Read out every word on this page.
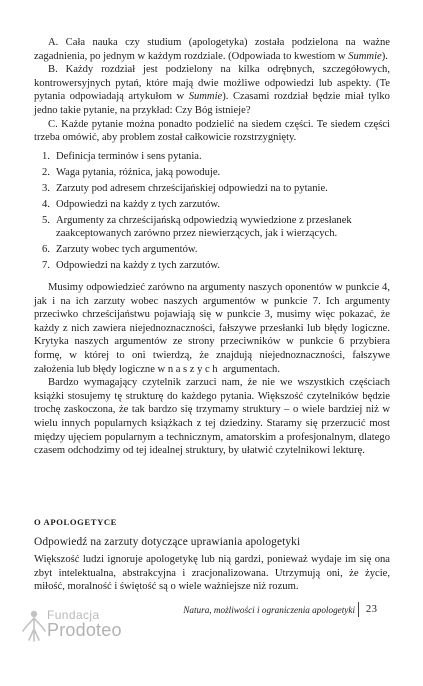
A. Cała nauka czy studium (apologetyka) została podzielona na ważne zagadnienia, po jednym w każdym rozdziale. (Odpowiada to kwestiom w Summie).

B. Każdy rozdział jest podzielony na kilka odrębnych, szczegółowych, kontrowersyjnych pytań, które mają dwie możliwe odpowiedzi lub aspekty. (Te pytania odpowiadają artykułom w Summie). Czasami rozdział będzie miał tylko jedno takie pytanie, na przykład: Czy Bóg istnieje?

C. Każde pytanie można ponadto podzielić na siedem części. Te siedem części trzeba omówić, aby problem został całkowicie rozstrzygnięty.

1. Definicja terminów i sens pytania.
2. Waga pytania, różnica, jaką powoduje.
3. Zarzuty pod adresem chrześcijańskiej odpowiedzi na to pytanie.
4. Odpowiedzi na każdy z tych zarzutów.
5. Argumenty za chrześcijańską odpowiedzią wywiedzione z przesłanek zaakceptowanych zarówno przez niewierzących, jak i wierzących.
6. Zarzuty wobec tych argumentów.
7. Odpowiedzi na każdy z tych zarzutów.

Musimy odpowiedzieć zarówno na argumenty naszych oponentów w punkcie 4, jak i na ich zarzuty wobec naszych argumentów w punkcie 7. Ich argumenty przeciwko chrześcijaństwu pojawiają się w punkcie 3, musimy więc pokazać, że każdy z nich zawiera niejednoznaczności, fałszywe przesłanki lub błędy logiczne. Krytyka naszych argumentów ze strony przeciwników w punkcie 6 przybiera formę, w której to oni twierdzą, że znajdują niejednoznaczności, fałszywe założenia lub błędy logiczne w naszych argumentach.

Bardzo wymagający czytelnik zarzuci nam, że nie we wszystkich częściach książki stosujemy tę strukturę do każdego pytania. Większość czytelników będzie trochę zaskoczona, że tak bardzo się trzymamy struktury – o wiele bardziej niż w wielu innych popularnych książkach z tej dziedziny. Staramy się przerzucić most między ujęciem popularnym a technicznym, amatorskim a profesjonalnym, dlatego czasem odchodzimy od tej idealnej struktury, by ułatwić czytelnikowi lekturę.

O APOLOGETYCE
Odpowiedź na zarzuty dotyczące uprawiania apologetyki

Większość ludzi ignoruje apologetykę lub nią gardzi, ponieważ wydaje im się ona zbyt intelektualna, abstrakcyjna i zracjonalizowana. Utrzymują oni, że życie, miłość, moralność i świętość są o wiele ważniejsze niż rozum.

Fundacja
Prodoteo
Natura, możliwości i ograniczenia apologetyki 23
